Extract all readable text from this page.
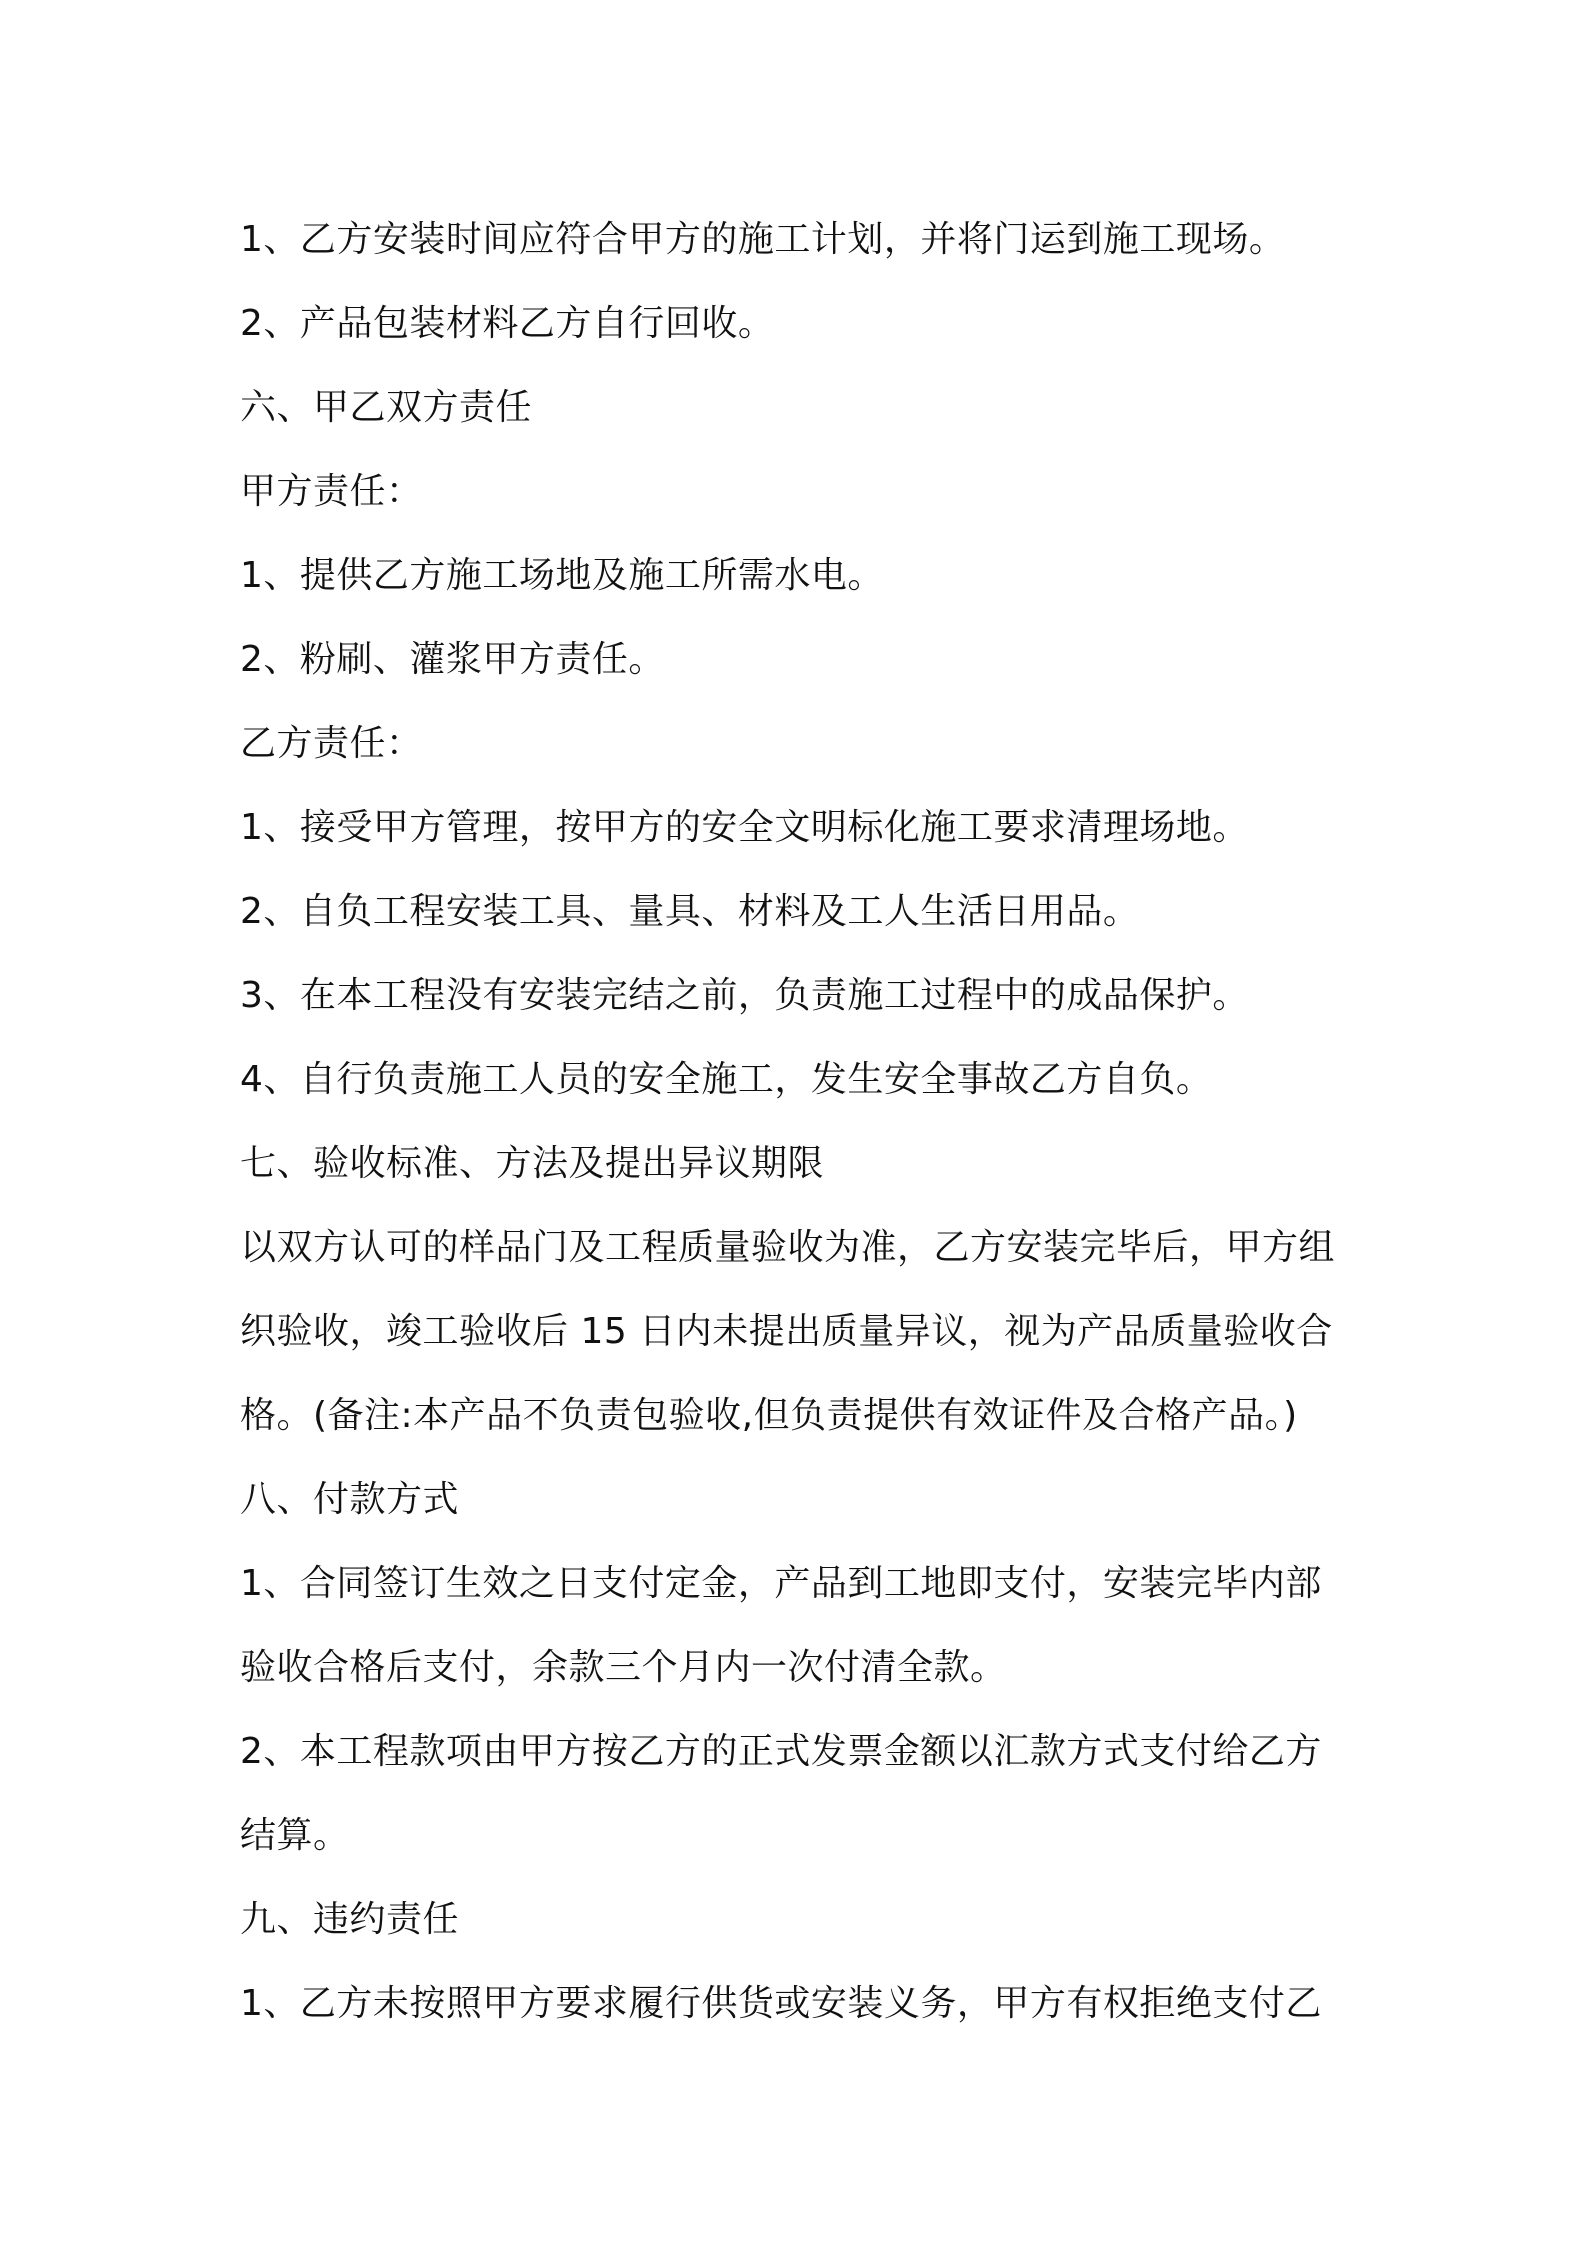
1、乙方安装时间应符合甲方的施工计划，并将门运到施工现场。
2、产品包装材料乙方自行回收。
六、甲乙双方责任
甲方责任：
1、提供乙方施工场地及施工所需水电。
2、粉刷、灌浆甲方责任。
乙方责任：
1、接受甲方管理，按甲方的安全文明标化施工要求清理场地。
2、自负工程安装工具、量具、材料及工人生活日用品。
3、在本工程没有安装完结之前，负责施工过程中的成品保护。
4、自行负责施工人员的安全施工，发生安全事故乙方自负。
七、验收标准、方法及提出异议期限
以双方认可的样品门及工程质量验收为准，乙方安装完毕后，甲方组
织验收，竣工验收后 15 日内未提出质量异议，视为产品质量验收合
格。(备注:本产品不负责包验收,但负责提供有效证件及合格产品。)
八、付款方式
1、合同签订生效之日支付定金，产品到工地即支付，安装完毕内部
验收合格后支付，余款三个月内一次付清全款。
2、本工程款项由甲方按乙方的正式发票金额以汇款方式支付给乙方
结算。
九、违约责任
1、乙方未按照甲方要求履行供货或安装义务，甲方有权拒绝支付乙
